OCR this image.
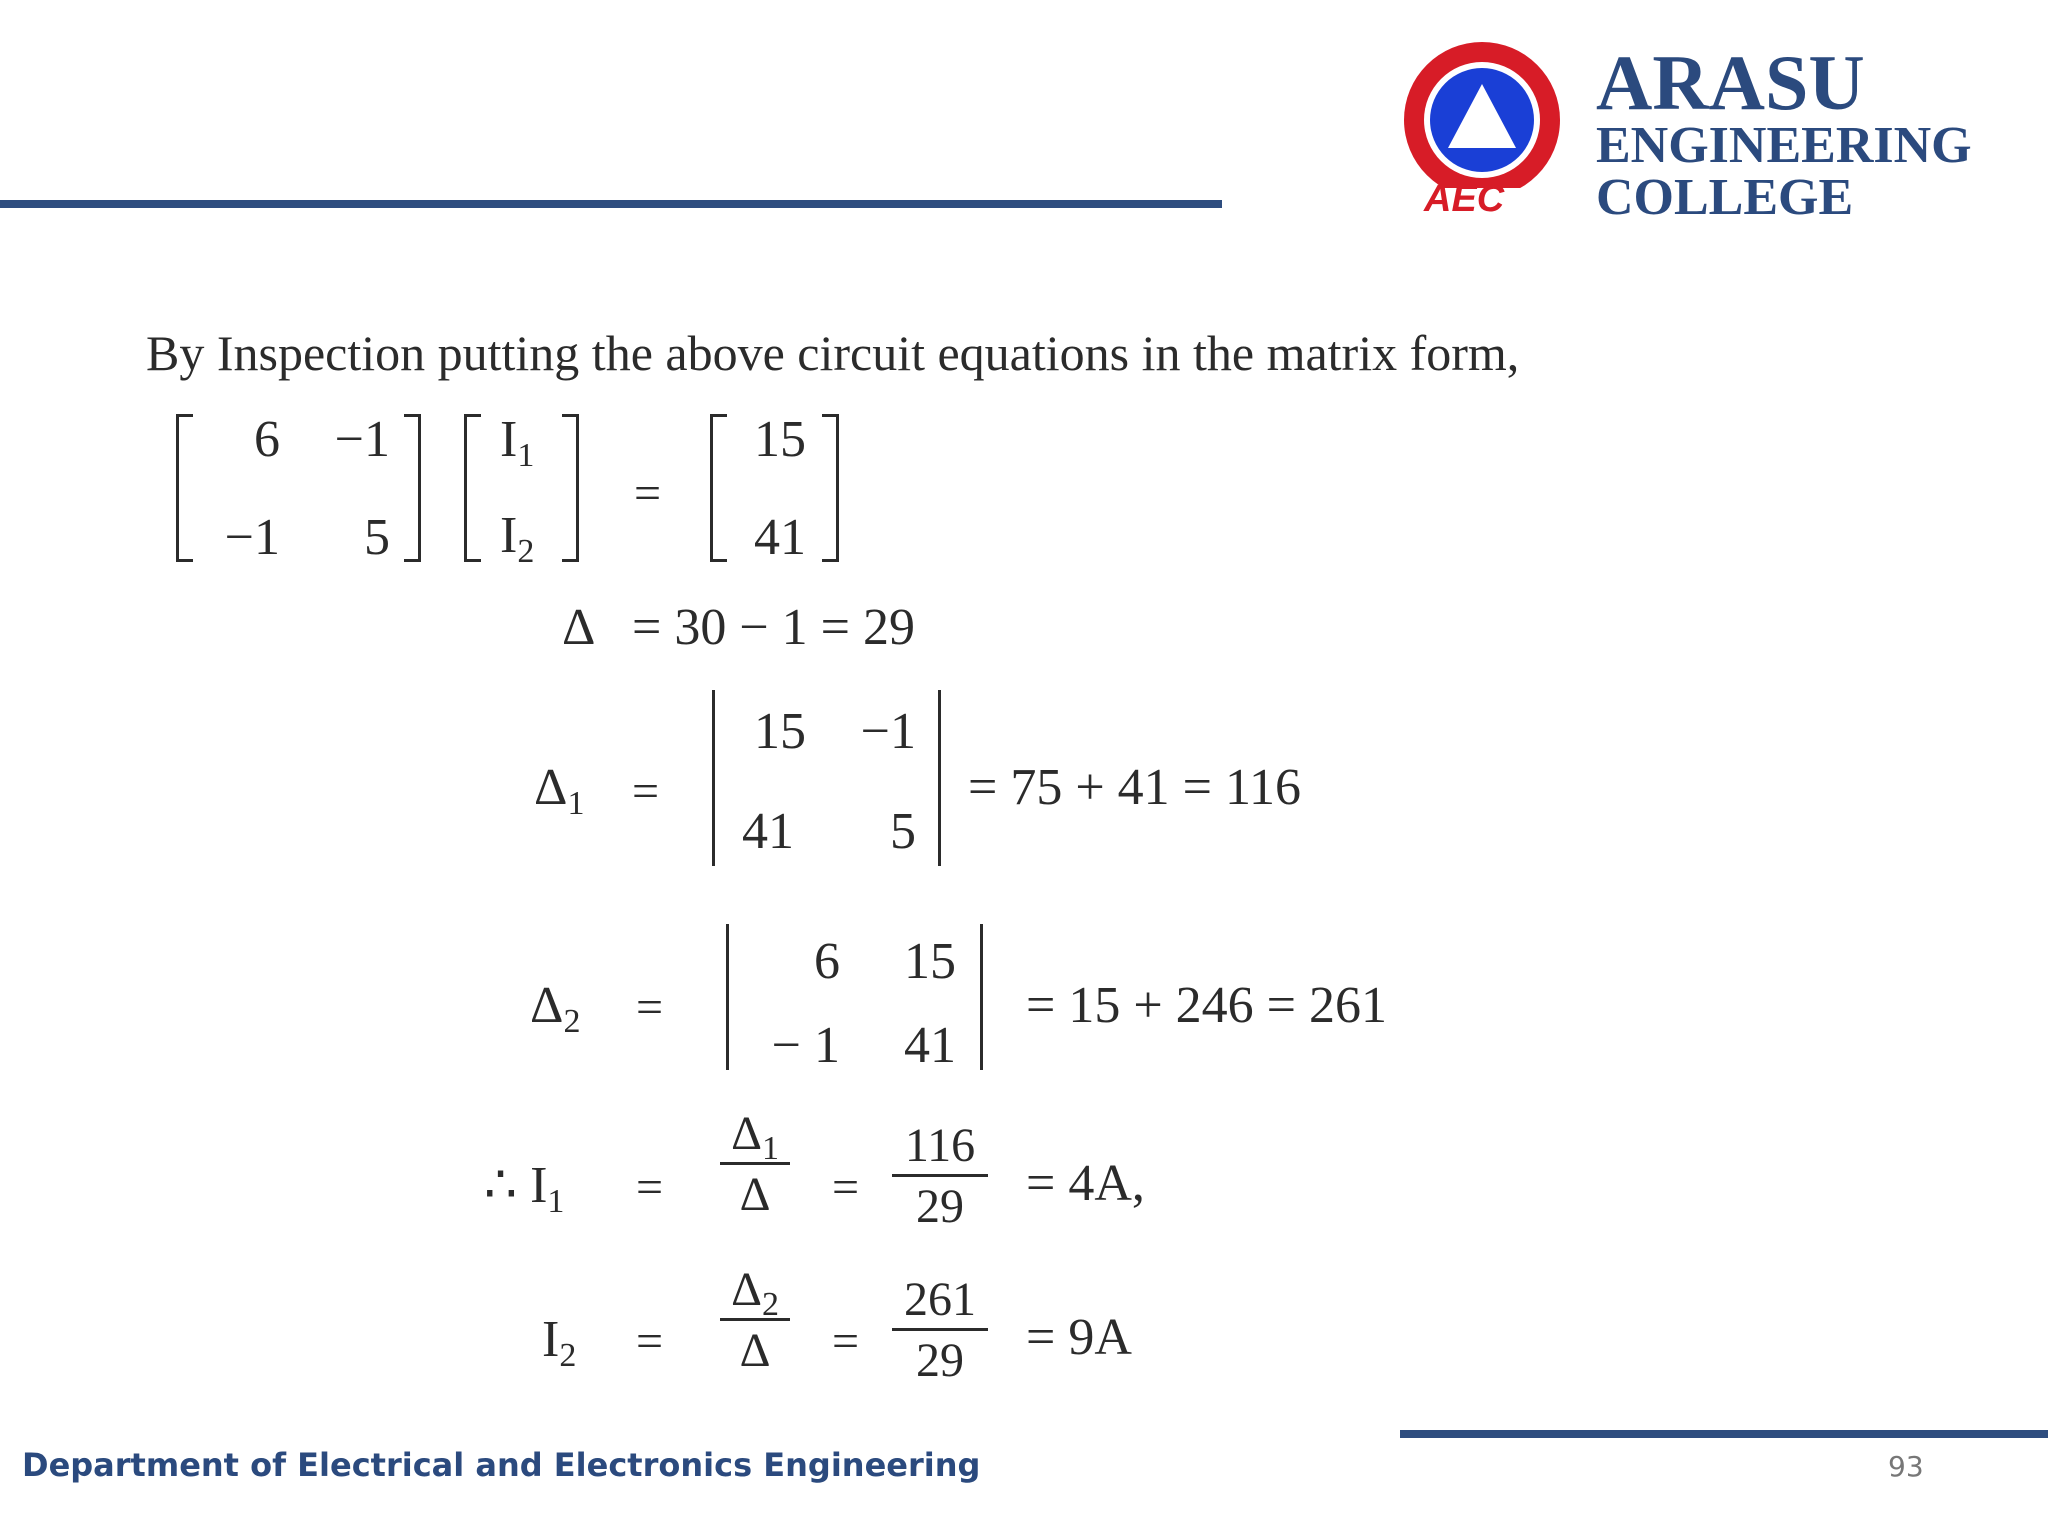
AEC
ARASU
ENGINEERING
COLLEGE
By Inspection putting the above circuit equations in the matrix form,
6	−1
−1	5
I1
I2
=
15
41
Δ = 30 − 1 = 29
Δ1 =
15	−1
41	5
= 75 + 41 = 116
Δ2 =
6	15
− 1	41
= 15 + 246 = 261
∴ I1 =
$\Delta_1$
Δ	=
116
29	= 4A,
I2 =
$\Delta_2$
Δ	=
261
29	= 9A
Department of Electrical and Electronics Engineering	93
